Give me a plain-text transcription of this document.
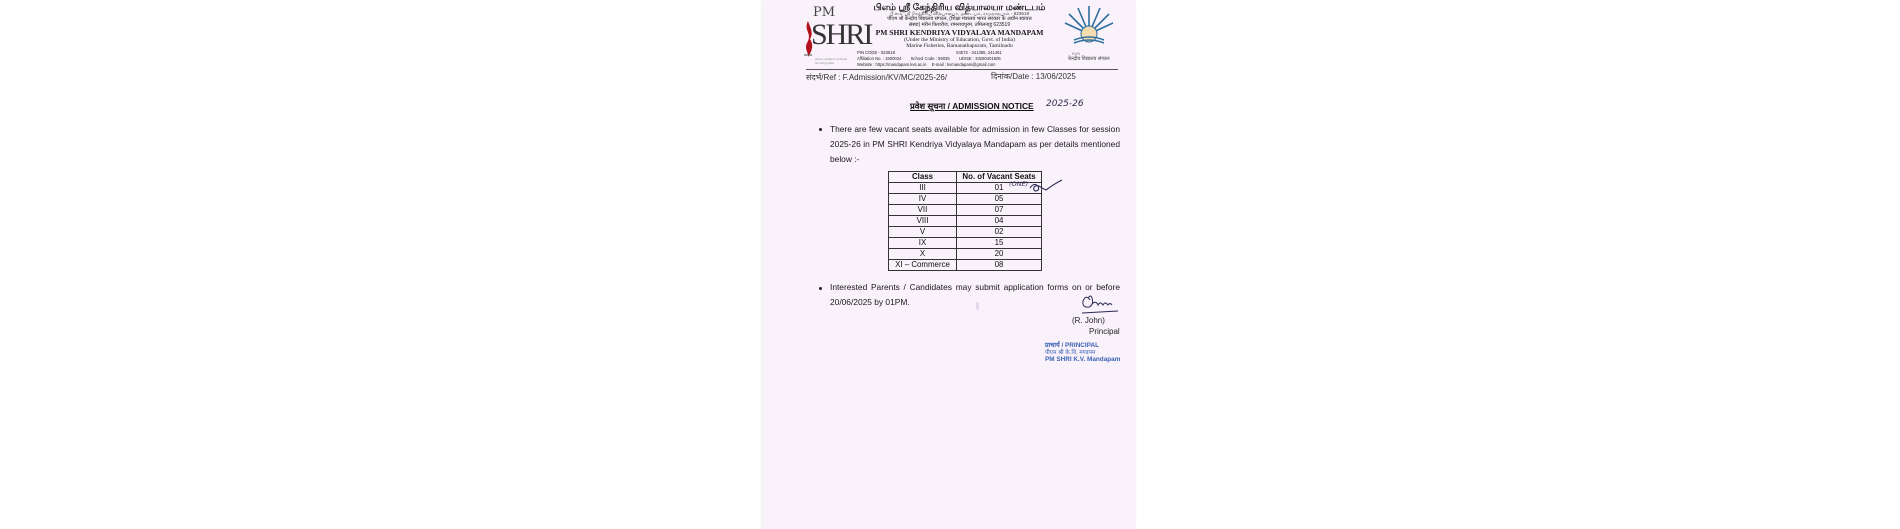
PM
SHRI
prime minister's schools for rising india
பிஎம் ஸ்ரீ கேந்திரிய வித்யாலயா மண்டபம்
பீ.எம். ஸ்ரீ கேந்திரிய வித்யாலயா, மண்டபம், ராமநாதபுரம் - 623518
पीएम श्री केन्द्रीय विद्यालय संगठन, (शिक्षा मंत्रालय भारत सरकार के अधीन स्वायत्त
संस्था) मरीन फिशरीज, रामनाथपुरम, तमिलनाडु 623519
PM SHRI KENDRIYA VIDYALAYA MANDAPAM
(Under the Ministry of Education, Govt. of India)
Marine Fisheries, Ramanathapuram, Tamilnadu
PIN CODE - 623519	04573 - 241385, 241461
Affiliation No. : 1900024 School Code : 59035 UDISE : 33280401605
Website : https://mandapam.kvs.ac.in E-mail : kvmandapam@gmail.com
KVS
केन्द्रीय विद्यालय संगठन
संदर्भ/Ref : F.Admission/KV/MC/2025-26/	दिनांक/Date : 13/06/2025
प्रवेश सूचना / ADMISSION NOTICE 2025-26
There are few vacant seats available for admission in few Classes for session 2025-26 in PM SHRI Kendriya Vidyalaya Mandapam as per details mentioned below :-
Class	No. of Vacant Seats
III	01
IV	05
VII	07
VIII	04
V	02
IX	15
X	20
XI – Commerce	08
(ONE)
Interested Parents / Candidates may submit application forms on or before 20/06/2025 by 01PM.
(R. John)
Principal
प्राचार्य / PRINCIPAL
पीएम श्री के.वि. मण्डपम
PM SHRI K.V. Mandapam
